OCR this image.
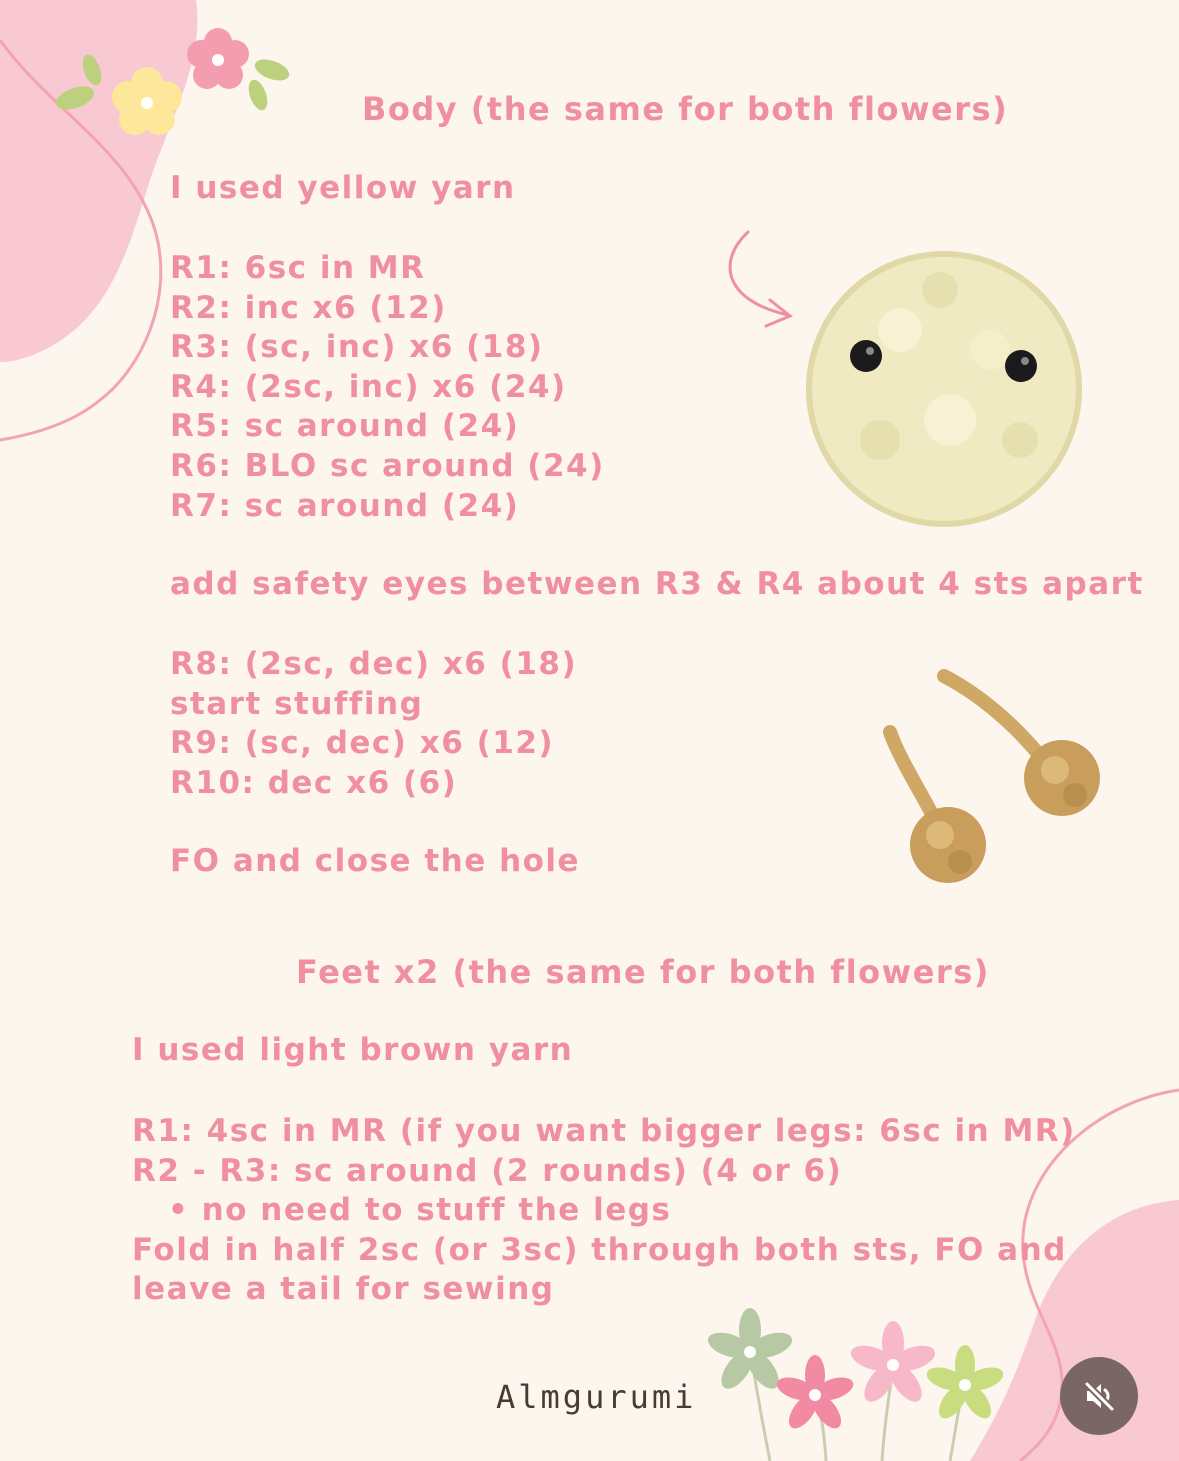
Body (the same for both flowers)
I used yellow yarn
R1: 6sc in MR
R2: inc x6 (12)
R3: (sc, inc) x6 (18)
R4: (2sc, inc) x6 (24)
R5: sc around (24)
R6: BLO sc around (24)
R7: sc around (24)
add safety eyes between R3 & R4 about 4 sts apart
R8: (2sc, dec) x6 (18)
start stuffing
R9: (sc, dec) x6 (12)
R10: dec x6 (6)
FO and close the hole
Feet x2 (the same for both flowers)
I used light brown yarn
R1: 4sc in MR (if you want bigger legs: 6sc in MR)
R2 - R3: sc around (2 rounds) (4 or 6)
• no need to stuff the legs
Fold in half 2sc (or 3sc) through both sts, FO and
leave a tail for sewing
Almgurumi
